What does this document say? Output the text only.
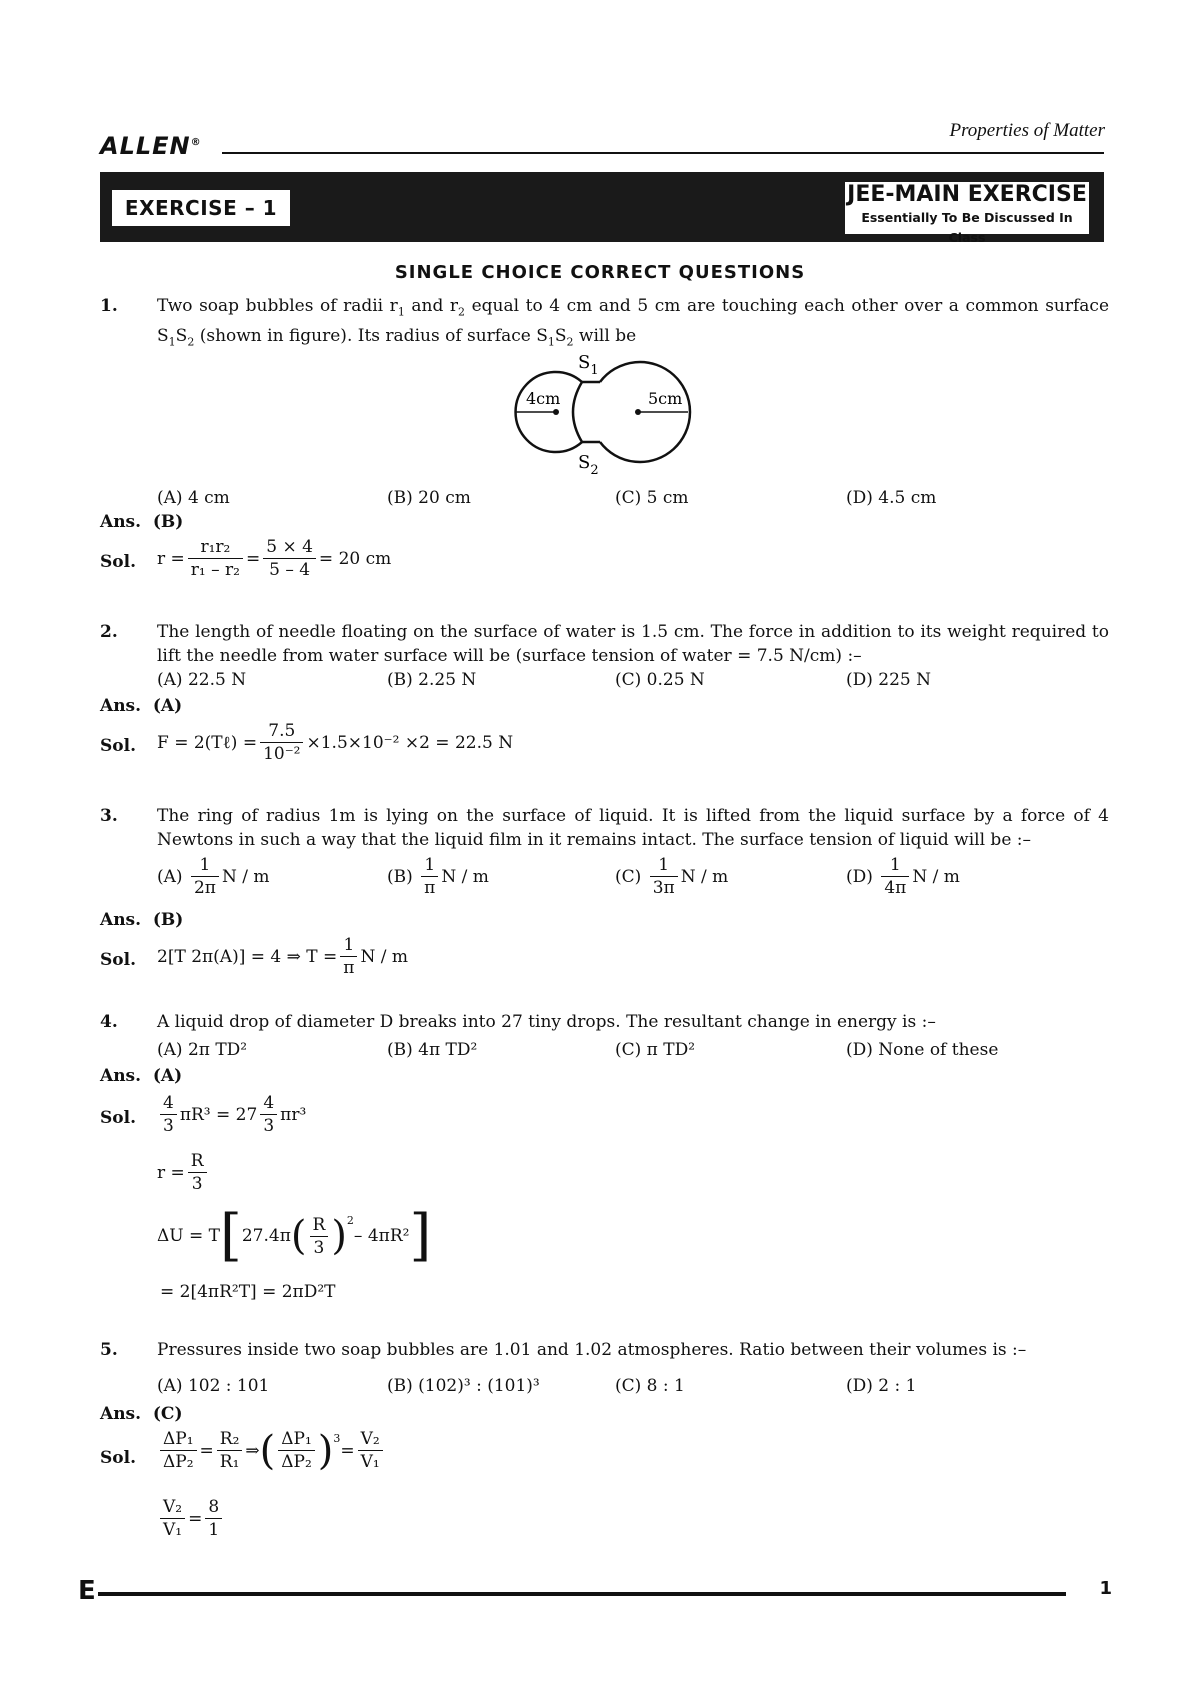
ALLEN®
Properties of Matter
EXERCISE – 1
JEE-MAIN EXERCISE
Essentially To Be Discussed In Class
SINGLE CHOICE CORRECT QUESTIONS
1. Two soap bubbles of radii $r_1$ and $r_2$ equal to 4 cm and 5 cm are touching each other over a common surface $S_1S_2$ (shown in figure). Its radius of surface $S_1S_2$ will be
4cm	5cm
$S_1$
$S_2$
(A) 4 cm	(B) 20 cm	(C) 5 cm	(D) 4.5 cm
Ans. (B)
Sol. $r = \frac{\text{r₁r₂}}{\text{r₁ – r₂}} = \frac{5 \times 4}{5 - 4} = 20$ cm
2. The length of needle floating on the surface of water is 1.5 cm. The force in addition to its weight required to lift the needle from water surface will be (surface tension of water = 7.5 N/cm) :–
(A) 22.5 N	(B) 2.25 N	(C) 0.25 N	(D) 225 N
Ans. (A)
Sol. F = 2(Tℓ) = $\frac{7.5}{\text{10⁻²}} \times 1.5\times 10^{-2} \times 2 = 22.5$ N
3. The ring of radius 1m is lying on the surface of liquid. It is lifted from the liquid surface by a force of 4 Newtons in such a way that the liquid film in it remains intact. The surface tension of liquid will be :–
(A)
$\frac{1}{2\pi}$ N / m	(B)
$\frac{1}{\pi}$ N / m	(C)
$\frac{1}{3\pi}$ N / m	(D)
$\frac{1}{4\pi}$ N / m
Ans. (B)
Sol. 2[T 2π(A)] = 4 ⇒ $T = \frac{1}{\pi}$ N / m
4. A liquid drop of diameter D breaks into 27 tiny drops. The resultant change in energy is :–
(A) 2π TD²	(B) 4π TD²	(C) π TD²	(D) None of these
Ans. (A)
Sol. $\frac{4}{3} \pi R^3 = 27 \frac{4}{3} \pi r^3$
$r = \frac{R}{3}$
ΔU = T [ 27.4π ( $\frac{R}{3} )^2$
– 4πR² ]
= 2[4πR²T] = 2πD²T
5. Pressures inside two soap bubbles are 1.01 and 1.02 atmospheres. Ratio between their volumes is :–
(A) 102 : 101	(B) (102)³ : (101)³	(C) 8 : 1	(D) 2 : 1
Ans. (C)
Sol. $\frac{\text{ΔP₁}}{\text{ΔP₂}} = \frac{\text{R₂}}{\text{R₁}}$ ⇒ ( $\frac{\text{ΔP₁}}{\text{ΔP₂}} )^3$
= $\frac{\text{V₂}}{\text{V₁}}$
$\frac{\text{V₂}}{\text{V₁}} = \frac{8}{1}$
E	1
